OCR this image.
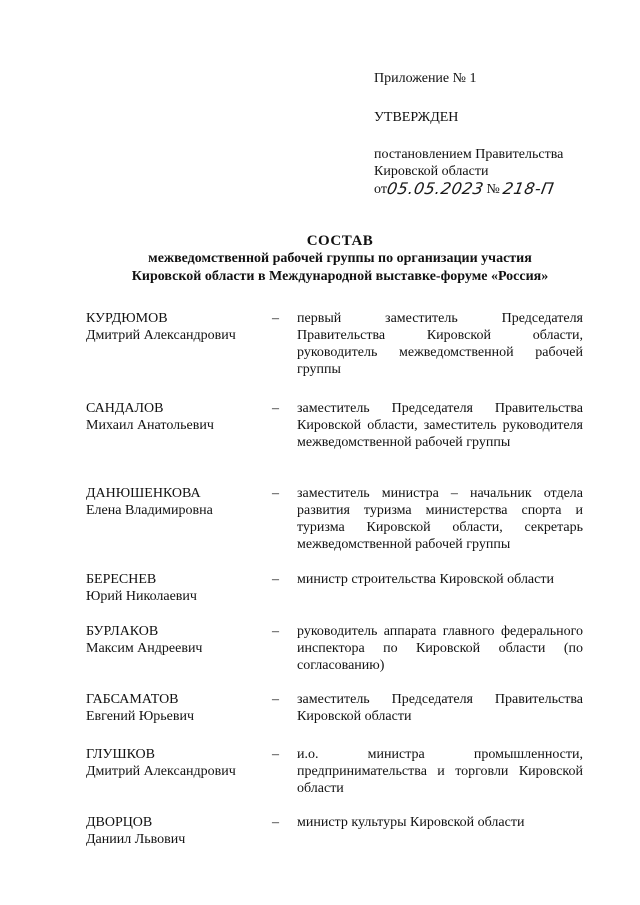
Приложение № 1
УТВЕРЖДЕН
постановлением Правительства
Кировской области
от
05.05.2023 № 218-П
СОСТАВ
межведомственной рабочей группы по организации участия
Кировской области в Международной выставке-форуме «Россия»
КУРДЮМОВ
Дмитрий Александрович
– первый заместитель Председателя Правительства Кировской области, руководитель межведомственной рабочей группы
САНДАЛОВ
Михаил Анатольевич
– заместитель Председателя Правительства Кировской области, заместитель руководителя межведомственной рабочей группы
ДАНЮШЕНКОВА
Елена Владимировна
– заместитель министра – начальник отдела развития туризма министерства спорта и туризма Кировской области, секретарь межведомственной рабочей группы
БЕРЕСНЕВ
Юрий Николаевич
– министр строительства Кировской области
БУРЛАКОВ
Максим Андреевич
– руководитель аппарата главного федерального инспектора по Кировской области (по согласованию)
ГАБСАМАТОВ
Евгений Юрьевич
– заместитель Председателя Правительства Кировской области
ГЛУШКОВ
Дмитрий Александрович
– и.о. министра промышленности, предпринимательства и торговли Кировской области
ДВОРЦОВ
Даниил Львович
– министр культуры Кировской области
